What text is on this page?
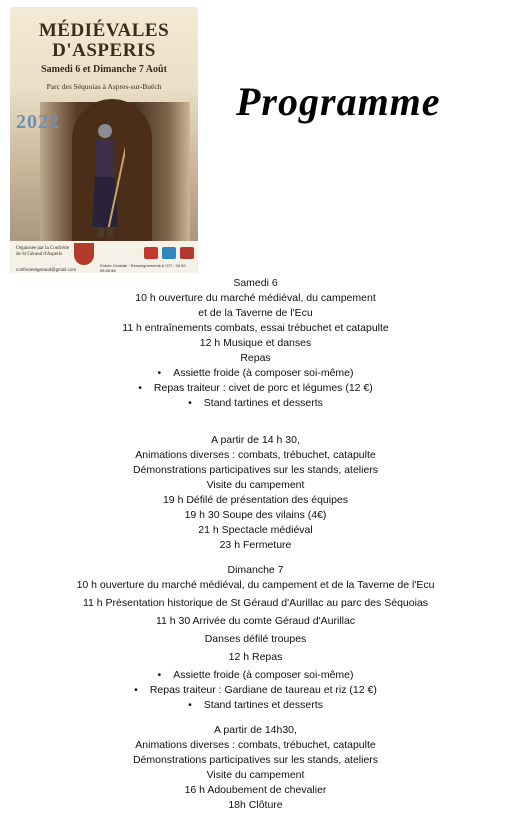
MÉDIÉVALES
D'ASPERIS
Samedi 6 et Dimanche 7 Août
Parc des Séquoias à Aspres-sur-Buëch
2022
Organisée par la Confrérie de St Géraud d'Asperis
confreriestgeraud@gmail.com
Entrée Gratuite · Renseignements à l'OT : 04 92 58 68 88
Programme
Samedi 6
10 h ouverture du marché médiéval, du campement
et de la Taverne de l'Ecu
11 h entraînements combats, essai trébuchet et catapulte
12 h Musique et danses
Repas
• Assiette froide (à composer soi-même)
• Repas traiteur : civet de porc et légumes (12 €)
• Stand tartines et desserts
A partir de 14 h 30,
Animations diverses : combats, trébuchet, catapulte
Démonstrations participatives sur les stands, ateliers
Visite du campement
19 h Défilé de présentation des équipes
19 h 30 Soupe des vilains (4€)
21 h Spectacle médiéval
23 h Fermeture
Dimanche 7
10 h ouverture du marché médiéval, du campement et de la Taverne de l'Ecu
11 h Présentation historique de St Géraud d'Aurillac au parc des Séquoias
11 h 30 Arrivée du comte Géraud d'Aurillac
Danses défilé troupes
12 h Repas
• Assiette froide (à composer soi-même)
• Repas traiteur : Gardiane de taureau et riz (12 €)
• Stand tartines et desserts
A partir de 14h30,
Animations diverses : combats, trébuchet, catapulte
Démonstrations participatives sur les stands, ateliers
Visite du campement
16 h Adoubement de chevalier
18h Clôture
